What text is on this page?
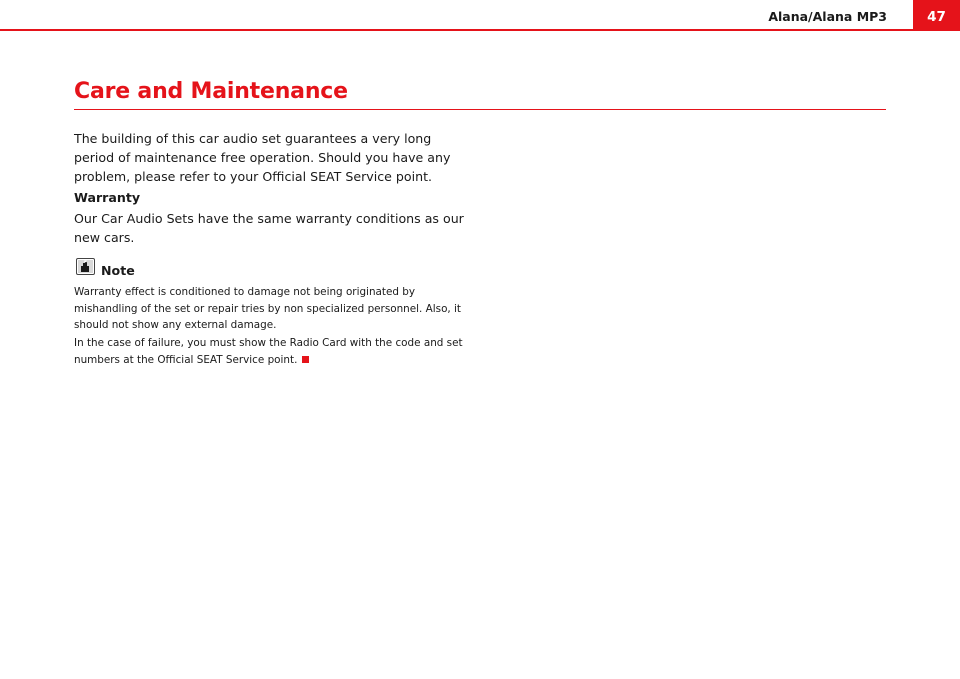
Alana/Alana MP3	47
Care and Maintenance

The building of this car audio set guarantees a very long period of maintenance free operation. Should you have any problem, please refer to your Official SEAT Service point.

Warranty

Our Car Audio Sets have the same warranty conditions as our new cars.

Note

Warranty effect is conditioned to damage not being originated by mishandling of the set or repair tries by non specialized personnel. Also, it should not show any external damage.

In the case of failure, you must show the Radio Card with the code and set numbers at the Official SEAT Service point.
